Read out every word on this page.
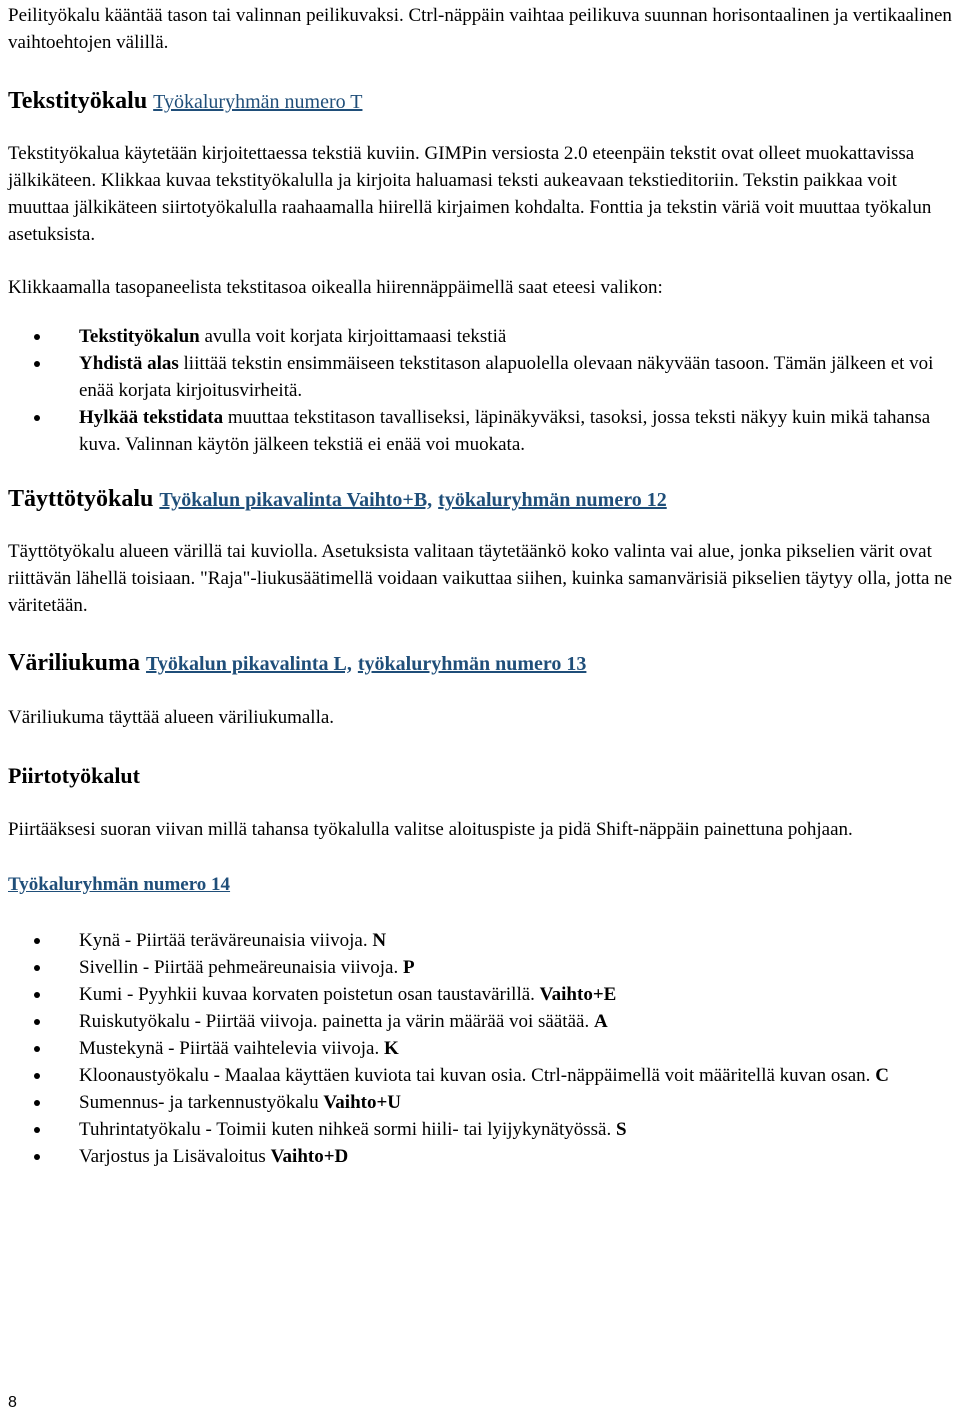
Peilityökalu kääntää tason tai valinnan peilikuvaksi. Ctrl-näppäin vaihtaa peilikuva suunnan horisontaalinen ja vertikaalinen vaihtoehtojen välillä.

Tekstityökalu Työkaluryhmän numero T

Tekstityökalua käytetään kirjoitettaessa tekstiä kuviin. GIMPin versiosta 2.0 eteenpäin tekstit ovat olleet muokattavissa jälkikäteen. Klikkaa kuvaa tekstityökalulla ja kirjoita haluamasi teksti aukeavaan tekstieditoriin. Tekstin paikkaa voit muuttaa jälkikäteen siirtotyökalulla raahaamalla hiirellä kirjaimen kohdalta. Fonttia ja tekstin väriä voit muuttaa työkalun asetuksista.

Klikkaamalla tasopaneelista tekstitasoa oikealla hiirennäppäimellä saat eteesi valikon:

Tekstityökalun avulla voit korjata kirjoittamaasi tekstiä
Yhdistä alas liittää tekstin ensimmäiseen tekstitason alapuolella olevaan näkyvään tasoon. Tämän jälkeen et voi enää korjata kirjoitusvirheitä.
Hylkää tekstidata muuttaa tekstitason tavalliseksi, läpinäkyväksi, tasoksi, jossa teksti näkyy kuin mikä tahansa kuva. Valinnan käytön jälkeen tekstiä ei enää voi muokata.
Täyttötyökalu Työkalun pikavalinta Vaihto+B, työkaluryhmän numero 12

Täyttötyökalu alueen värillä tai kuviolla. Asetuksista valitaan täytetäänkö koko valinta vai alue, jonka pikselien värit ovat riittävän lähellä toisiaan. "Raja"-liukusäätimellä voidaan vaikuttaa siihen, kuinka samanvärisiä pikselien täytyy olla, jotta ne väritetään.

Väriliukuma Työkalun pikavalinta L, työkaluryhmän numero 13

Väriliukuma täyttää alueen väriliukumalla.

Piirtotyökalut

Piirtääksesi suoran viivan millä tahansa työkalulla valitse aloituspiste ja pidä Shift-näppäin painettuna pohjaan.

Työkaluryhmän numero 14

Kynä - Piirtää teräväreunaisia viivoja. N
Sivellin - Piirtää pehmeäreunaisia viivoja. P
Kumi - Pyyhkii kuvaa korvaten poistetun osan taustavärillä. Vaihto+E
Ruiskutyökalu - Piirtää viivoja. painetta ja värin määrää voi säätää. A
Mustekynä - Piirtää vaihtelevia viivoja. K
Kloonaustyökalu - Maalaa käyttäen kuviota tai kuvan osia. Ctrl-näppäimellä voit määritellä kuvan osan. C
Sumennus- ja tarkennustyökalu Vaihto+U
Tuhrintatyökalu - Toimii kuten nihkeä sormi hiili- tai lyijykynätyössä. S
Varjostus ja Lisävaloitus Vaihto+D
8
